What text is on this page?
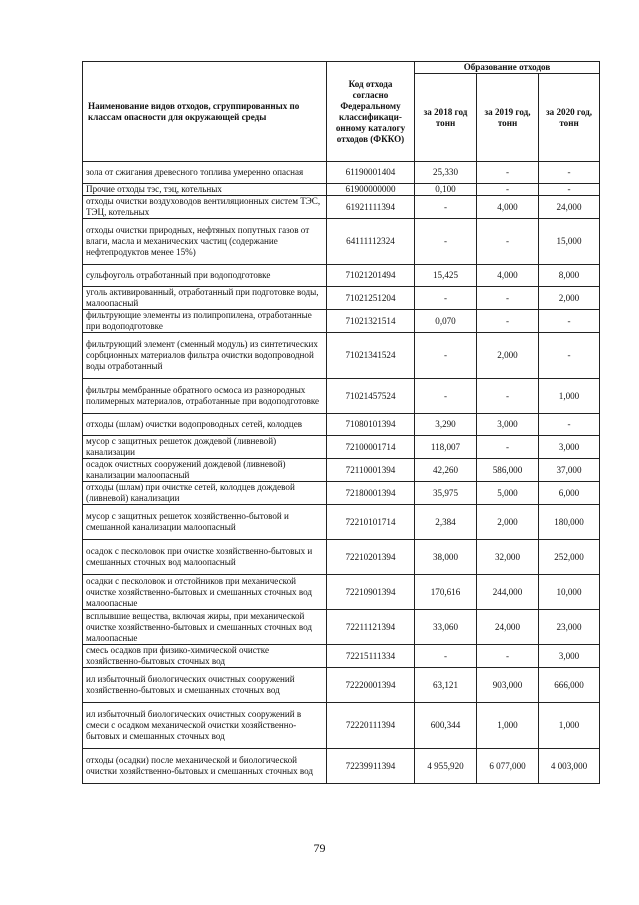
Наименование видов отходов, сгруппированных по классам опасности для окружающей среды	Код отхода согласно Федеральному классификаци-онному каталогу отходов (ФККО)	Образование отходов		
		за 2018 год тонн	за 2019 год, тонн	за 2020 год, тонн
зола от сжигания древесного топлива умеренно опасная	61190001404	25,330	-	-
Прочие отходы тэс, тэц, котельных	61900000000	0,100	-	-
отходы очистки воздуховодов вентиляционных систем ТЭС, ТЭЦ, котельных	61921111394	-	4,000	24,000
отходы очистки природных, нефтяных попутных газов от влаги, масла и механических частиц (содержание нефтепродуктов менее 15%)	64111112324	-	-	15,000
сульфоуголь отработанный при водоподготовке	71021201494	15,425	4,000	8,000
уголь активированный, отработанный при подготовке воды, малоопасный	71021251204	-	-	2,000
фильтрующие элементы из полипропилена, отработанные при водоподготовке	71021321514	0,070	-	-
фильтрующий элемент (сменный модуль) из синтетических сорбционных материалов фильтра очистки водопроводной воды отработанный	71021341524	-	2,000	-
фильтры мембранные обратного осмоса из разнородных полимерных материалов, отработанные при водоподготовке	71021457524	-	-	1,000
отходы (шлам) очистки водопроводных сетей, колодцев	71080101394	3,290	3,000	-
мусор с защитных решеток дождевой (ливневой) канализации	72100001714	118,007	-	3,000
осадок очистных сооружений дождевой (ливневой) канализации малоопасный	72110001394	42,260	586,000	37,000
отходы (шлам) при очистке сетей, колодцев дождевой (ливневой) канализации	72180001394	35,975	5,000	6,000
мусор с защитных решеток хозяйственно-бытовой и смешанной канализации малоопасный	72210101714	2,384	2,000	180,000
осадок с песколовок при очистке хозяйственно-бытовых и смешанных сточных вод малоопасный	72210201394	38,000	32,000	252,000
осадки с песколовок и отстойников при механической очистке хозяйственно-бытовых и смешанных сточных вод малоопасные	72210901394	170,616	244,000	10,000
всплывшие вещества, включая жиры, при механической очистке хозяйственно-бытовых и смешанных сточных вод малоопасные	72211121394	33,060	24,000	23,000
смесь осадков при физико-химической очистке хозяйственно-бытовых сточных вод	72215111334	-	-	3,000
ил избыточный биологических очистных сооружений хозяйственно-бытовых и смешанных сточных вод	72220001394	63,121	903,000	666,000
ил избыточный биологических очистных сооружений в смеси с осадком механической очистки хозяйственно-бытовых и смешанных сточных вод	72220111394	600,344	1,000	1,000
отходы (осадки) после механической и биологической очистки хозяйственно-бытовых и смешанных сточных вод	72239911394	4 955,920	6 077,000	4 003,000
79
